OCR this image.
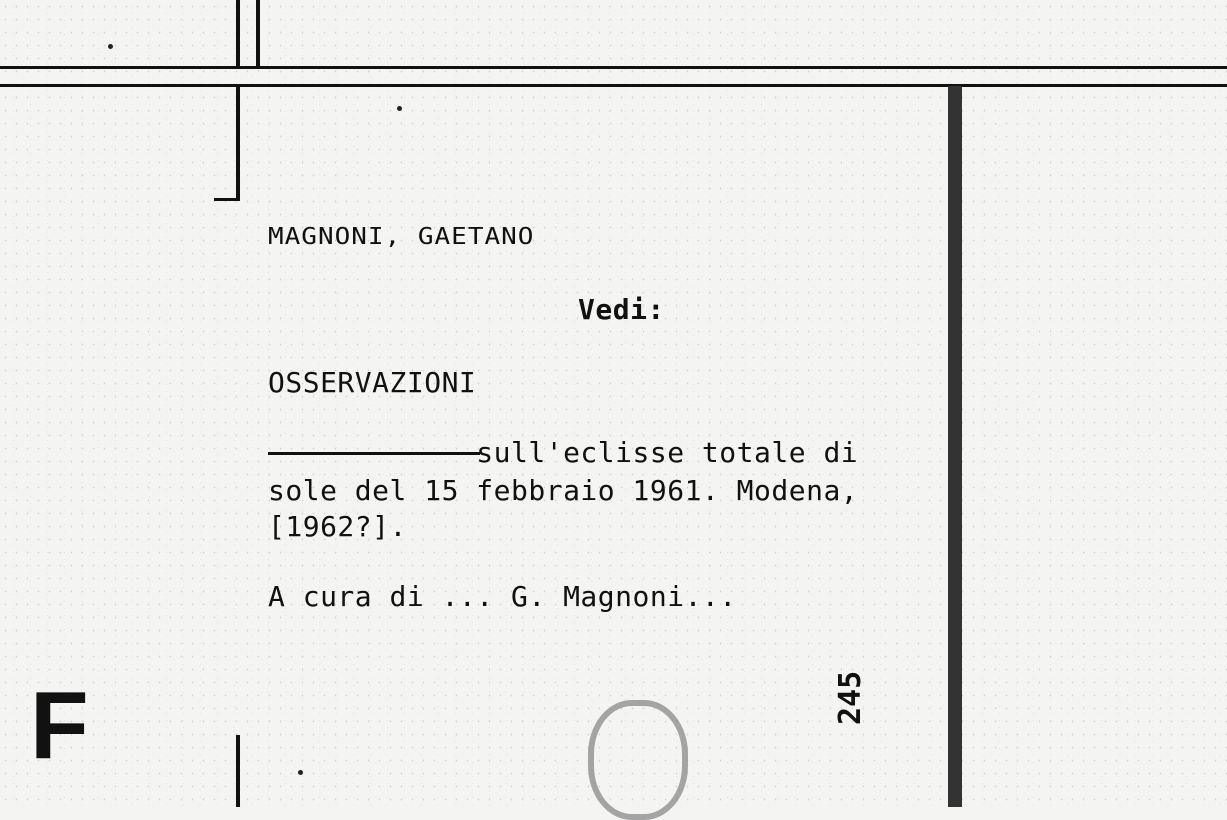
MAGNONI, GAETANO
Vedi:
OSSERVAZIONI
sull'eclisse totale di
sole del 15 febbraio 1961. Modena,
[1962?].
A cura di ... G. Magnoni...
F	245
